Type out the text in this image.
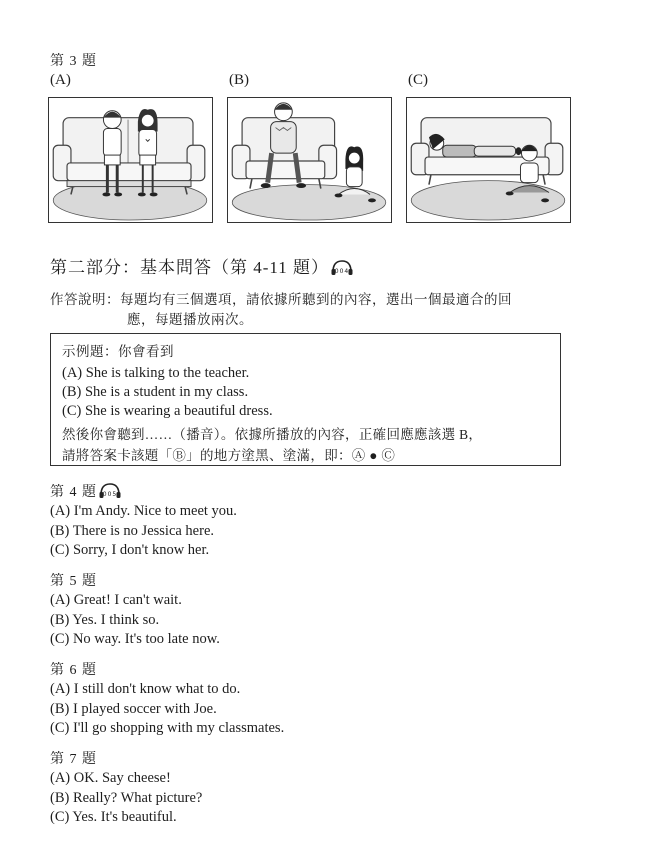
第 3 題
(A)	(B)	(C)
第二部分：基本問答（第 4-11 題） 004
作答說明：每題均有三個選項，請依據所聽到的內容，選出一個最適合的回
應，每題播放兩次。
示例題：你會看到
(A) She is talking to the teacher.
(B) She is a student in my class.
(C) She is wearing a beautiful dress.
然後你會聽到……（播音）。依據所播放的內容，正確回應應該選 B，
請將答案卡該題「Ⓑ」的地方塗黑、塗滿，即：Ⓐ ● Ⓒ
第 4 題 005
(A) I'm Andy. Nice to meet you.
(B) There is no Jessica here.
(C) Sorry, I don't know her.
第 5 題
(A) Great! I can't wait.
(B) Yes. I think so.
(C) No way. It's too late now.
第 6 題
(A) I still don't know what to do.
(B) I played soccer with Joe.
(C) I'll go shopping with my classmates.
第 7 題
(A) OK. Say cheese!
(B) Really? What picture?
(C) Yes. It's beautiful.
